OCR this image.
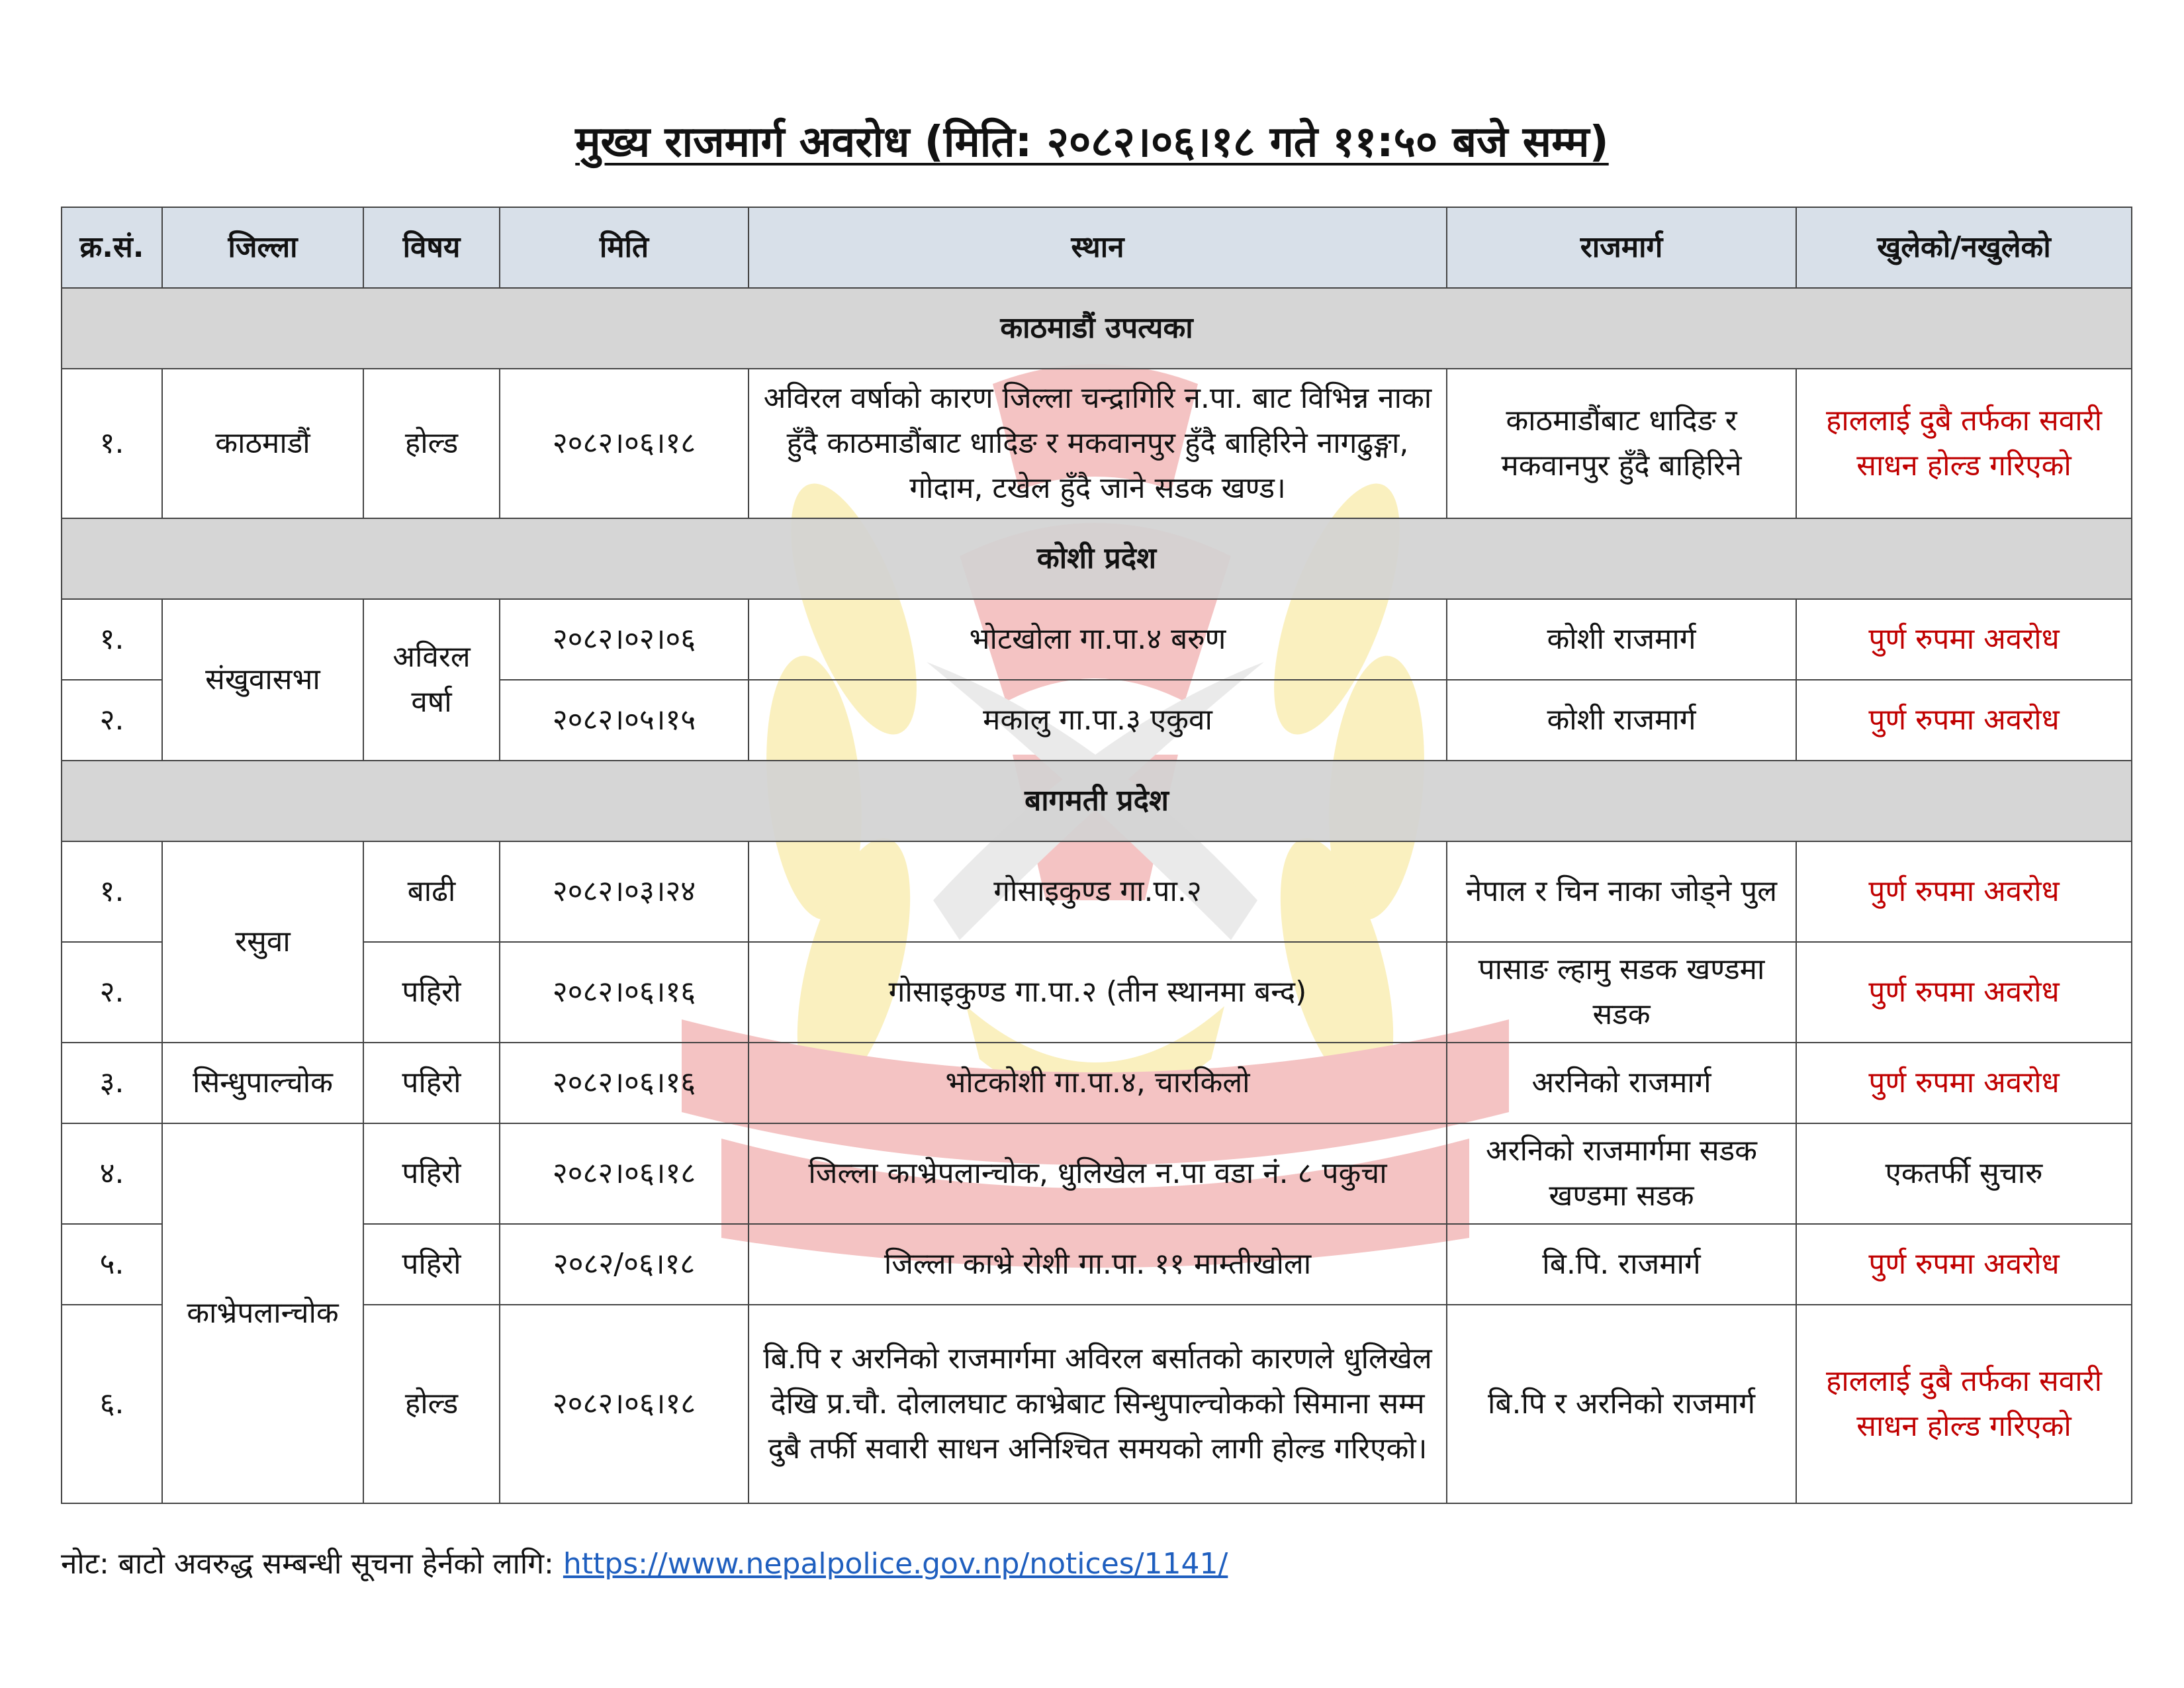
मुख्य राजमार्ग अवरोध (मिति: २०८२।०६।१८ गते ११:५० बजे सम्म)
क्र.सं.	जिल्ला	विषय	मिति	स्थान	राजमार्ग	खुलेको/नखुलेको
काठमाडौं उपत्यका						
१.	काठमाडौं	होल्ड	२०८२।०६।१८	अविरल वर्षाको कारण जिल्ला चन्द्रागिरि न.पा. बाट विभिन्न नाका हुँदै काठमाडौंबाट धादिङ र मकवानपुर हुँदै बाहिरिने नागढुङ्गा, गोदाम, टखेल हुँदै जाने सडक खण्ड।	काठमाडौंबाट धादिङ र मकवानपुर हुँदै बाहिरिने	हाललाई दुबै तर्फका सवारी साधन होल्ड गरिएको
कोशी प्रदेश						
१.	संखुवासभा	अविरल वर्षा	२०८२।०२।०६	भोटखोला गा.पा.४ बरुण	कोशी राजमार्ग	पुर्ण रुपमा अवरोध
२.			२०८२।०५।१५	मकालु गा.पा.३ एकुवा	कोशी राजमार्ग	पुर्ण रुपमा अवरोध
बागमती प्रदेश						
१.	रसुवा	बाढी	२०८२।०३।२४	गोसाइकुण्ड गा.पा.२	नेपाल र चिन नाका जोड्ने पुल	पुर्ण रुपमा अवरोध
२.		पहिरो	२०८२।०६।१६	गोसाइकुण्ड गा.पा.२ (तीन स्थानमा बन्द)	पासाङ ल्हामु सडक खण्डमा सडक	पुर्ण रुपमा अवरोध
३.	सिन्धुपाल्चोक	पहिरो	२०८२।०६।१६	भोटकोशी गा.पा.४, चारकिलो	अरनिको राजमार्ग	पुर्ण रुपमा अवरोध
४.	काभ्रेपलान्चोक	पहिरो	२०८२।०६।१८	जिल्ला काभ्रेपलान्चोक, धुलिखेल न.पा वडा नं. ८ पकुचा	अरनिको राजमार्गमा सडक खण्डमा सडक	एकतर्फी सुचारु
५.		पहिरो	२०८२/०६।१८	जिल्ला काभ्रे रोशी गा.पा. ११ माम्तीखोला	बि.पि. राजमार्ग	पुर्ण रुपमा अवरोध
६.		होल्ड	२०८२।०६।१८	बि.पि र अरनिको राजमार्गमा अविरल बर्सातको कारणले धुलिखेल देखि प्र.चौ. दोलालघाट काभ्रेबाट सिन्धुपाल्चोकको सिमाना सम्म दुबै तर्फी सवारी साधन अनिश्चित समयको लागी होल्ड गरिएको।	बि.पि र अरनिको राजमार्ग	हाललाई दुबै तर्फका सवारी साधन होल्ड गरिएको
नोट: बाटो अवरुद्ध सम्बन्धी सूचना हेर्नको लागि: https://www.nepalpolice.gov.np/notices/1141/
